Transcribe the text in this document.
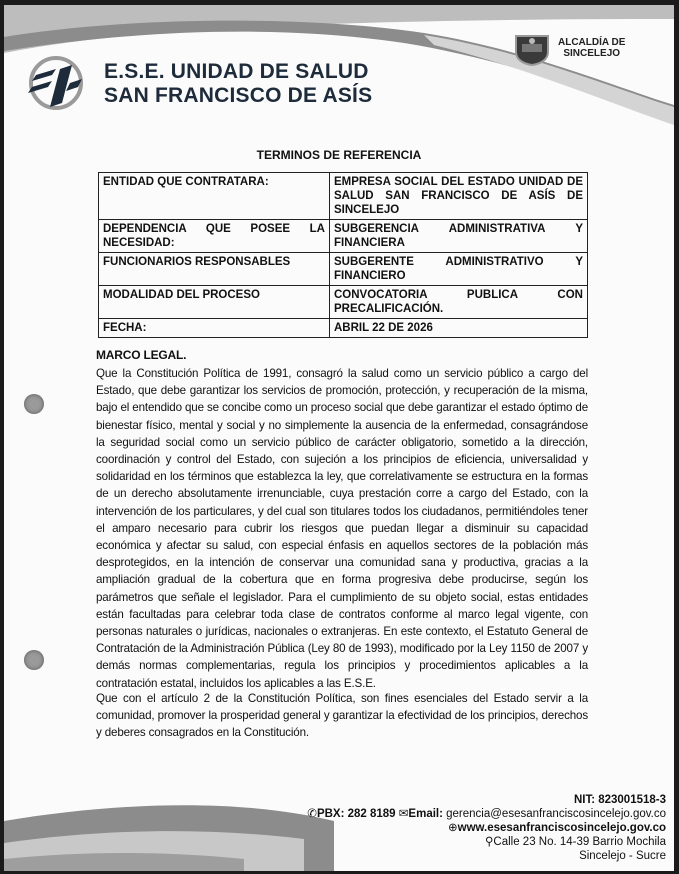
E.S.E. UNIDAD DE SALUD
SAN FRANCISCO DE ASÍS
ALCALDÍA DE
SINCELEJO
TERMINOS DE REFERENCIA
ENTIDAD QUE CONTRATARA:	EMPRESA SOCIAL DEL ESTADO UNIDAD DE SALUD SAN FRANCISCO DE ASÍS DE SINCELEJO
DEPENDENCIA QUE POSEE LA NECESIDAD:	SUBGERENCIA ADMINISTRATIVA Y FINANCIERA
FUNCIONARIOS RESPONSABLES	SUBGERENTE ADMINISTRATIVO Y FINANCIERO
MODALIDAD DEL PROCESO	CONVOCATORIA PUBLICA CON PRECALIFICACIÓN.
FECHA:	ABRIL 22 DE 2026
MARCO LEGAL.
Que la Constitución Política de 1991, consagró la salud como un servicio público a cargo del Estado, que debe garantizar los servicios de promoción, protección, y recuperación de la misma, bajo el entendido que se concibe como un proceso social que debe garantizar el estado óptimo de bienestar físico, mental y social y no simplemente la ausencia de la enfermedad, consagrándose la seguridad social como un servicio público de carácter obligatorio, sometido a la dirección, coordinación y control del Estado, con sujeción a los principios de eficiencia, universalidad y solidaridad en los términos que establezca la ley, que correlativamente se estructura en la formas de un derecho absolutamente irrenunciable, cuya prestación corre a cargo del Estado, con la intervención de los particulares, y del cual son titulares todos los ciudadanos, permitiéndoles tener el amparo necesario para cubrir los riesgos que puedan llegar a disminuir su capacidad económica y afectar su salud, con especial énfasis en aquellos sectores de la población más desprotegidos, en la intención de conservar una comunidad sana y productiva, gracias a la ampliación gradual de la cobertura que en forma progresiva debe producirse, según los parámetros que señale el legislador. Para el cumplimiento de su objeto social, estas entidades están facultadas para celebrar toda clase de contratos conforme al marco legal vigente, con personas naturales o jurídicas, nacionales o extranjeras. En este contexto, el Estatuto General de Contratación de la Administración Pública (Ley 80 de 1993), modificado por la Ley 1150 de 2007 y demás normas complementarias, regula los principios y procedimientos aplicables a la contratación estatal, incluidos los aplicables a las E.S.E.
Que con el artículo 2 de la Constitución Política, son fines esenciales del Estado servir a la comunidad, promover la prosperidad general y garantizar la efectividad de los principios, derechos y deberes consagrados en la Constitución.
NIT: 823001518-3
✆PBX: 282 8189 ✉Email: gerencia@esesanfranciscosincelejo.gov.co
⊕www.esesanfranciscosincelejo.gov.co
⚲Calle 23 No. 14-39 Barrio Mochila
Sincelejo - Sucre
